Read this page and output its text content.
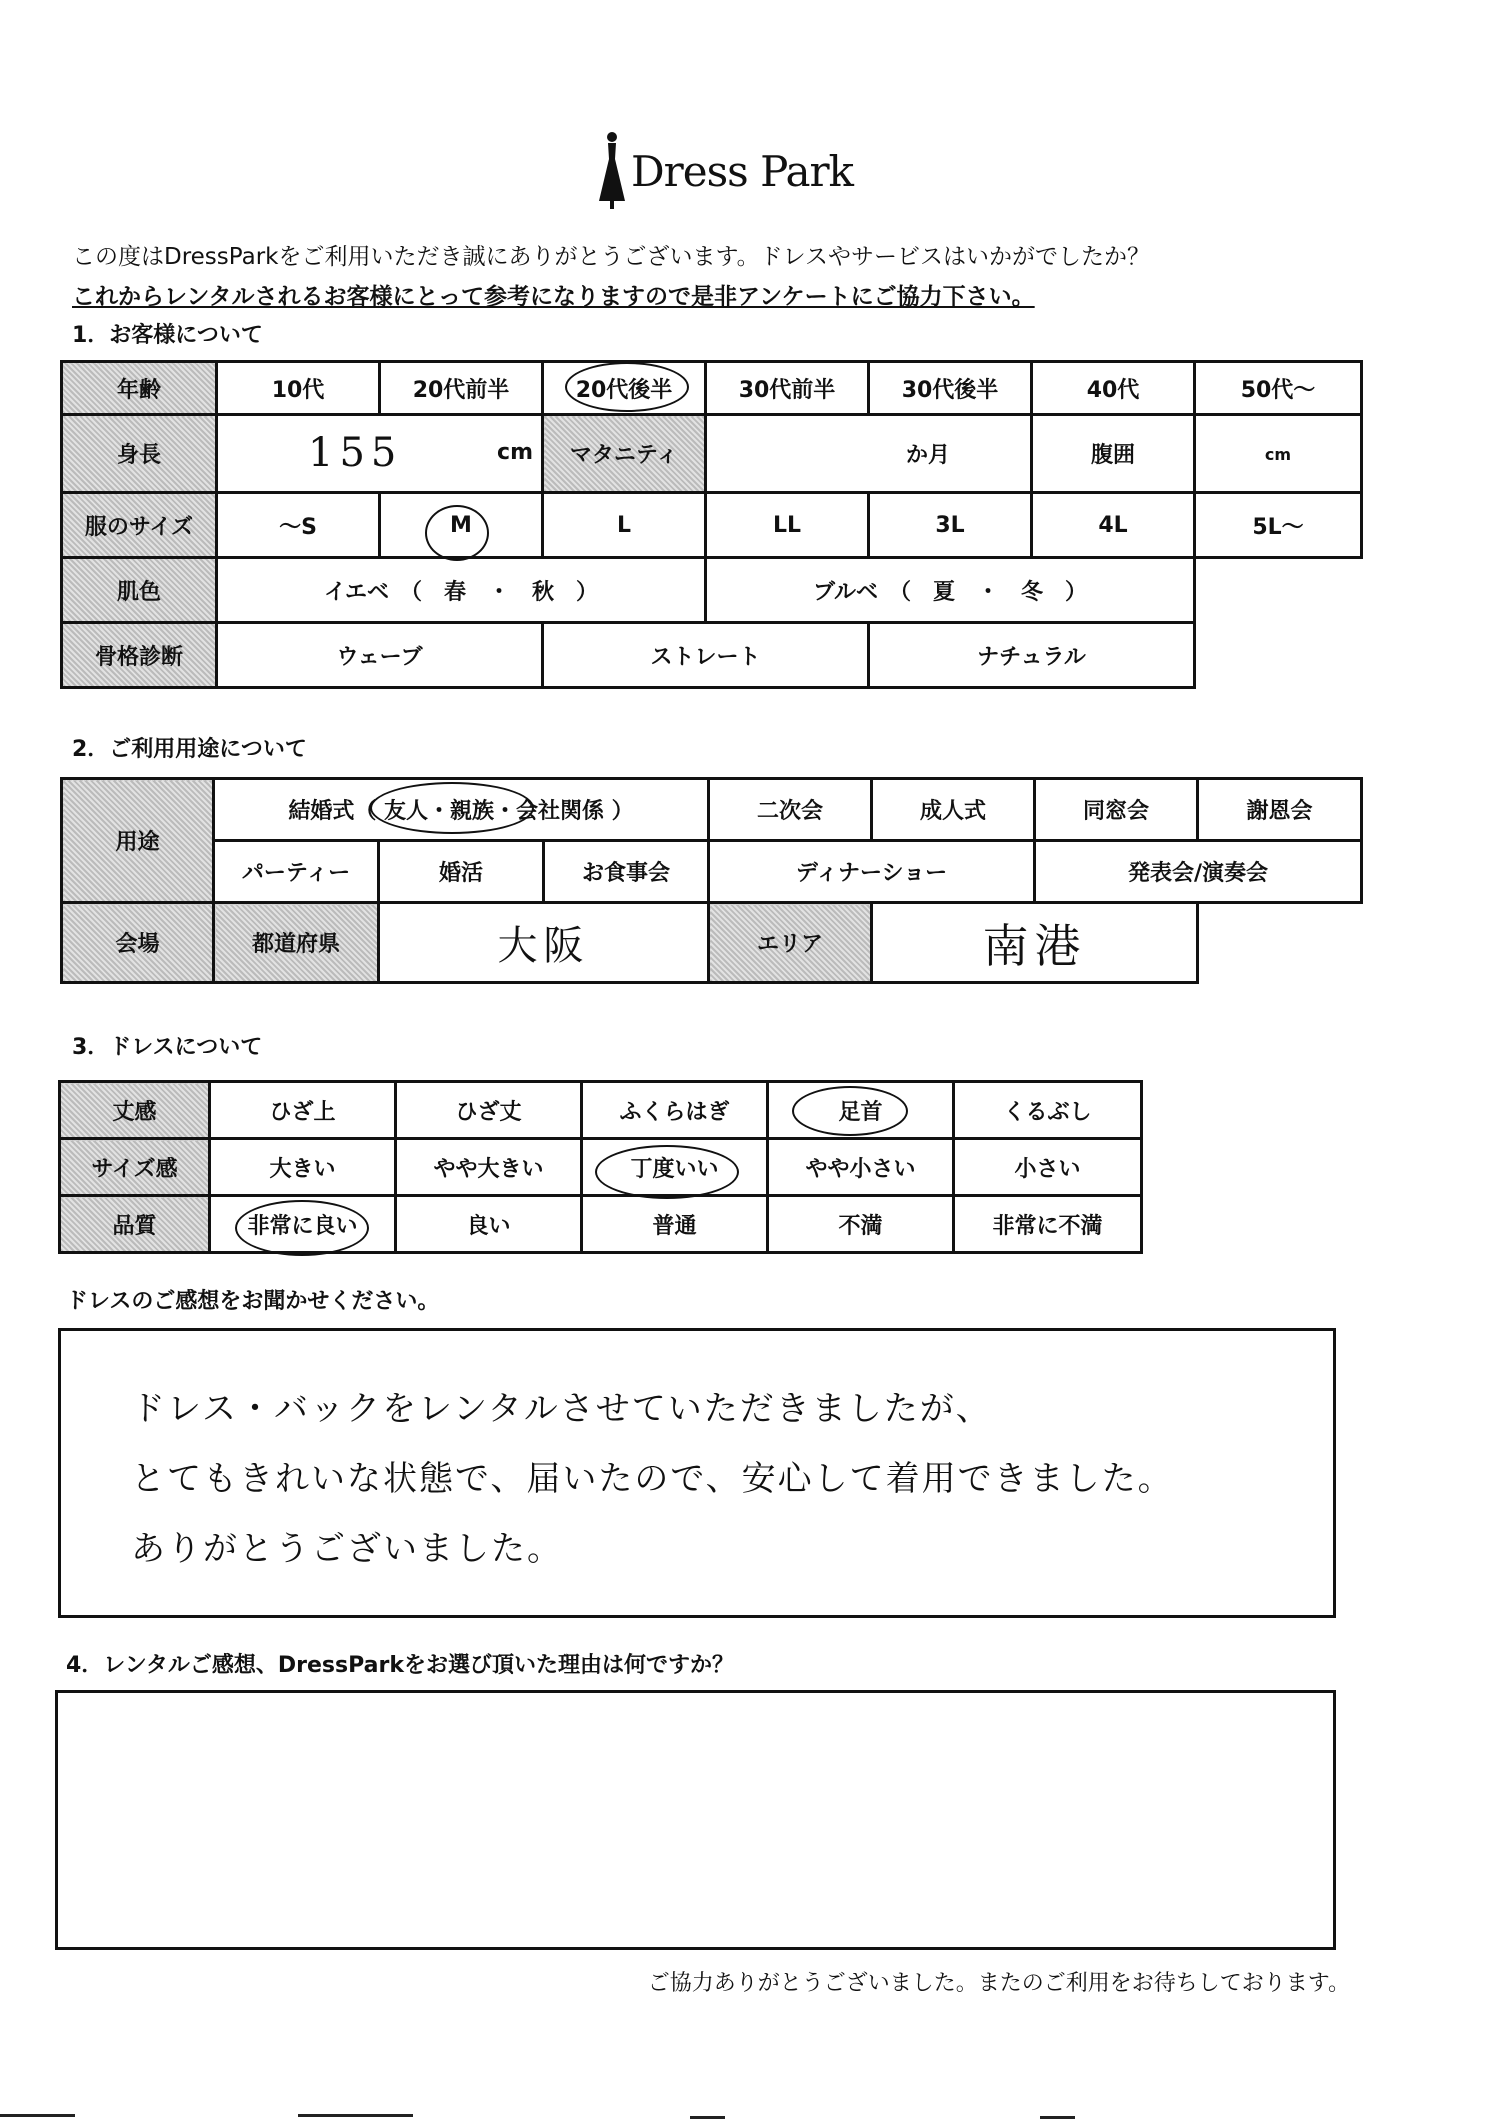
Dress Park
この度はDressParkをご利用いただき誠にありがとうございます。ドレスやサービスはいかがでしたか？
これからレンタルされるお客様にとって参考になりますので是非アンケートにご協力下さい。
1．お客様について
年齢	10代	20代前半	20代後半	30代前半	30代後半	40代	50代～
身長	155 cm		マタニティ	か月		腹囲	cm
服のサイズ	～S	M	L	LL	3L	4L	5L～
肌色	イエベ　（　春　・　秋　）			ブルベ　（　夏　・　冬　）			
骨格診断	ウェーブ		ストレート		ナチュラル		
2．ご利用用途について
用途	結婚式（ 友人・親族・会社関係 ）			二次会	成人式	同窓会	謝恩会
	パーティー	婚活	お食事会	ディナーショー		発表会/演奏会	
会場	都道府県	大阪		エリア	南港		
3．ドレスについて
丈感	ひざ上	ひざ丈	ふくらはぎ	足首	くるぶし
サイズ感	大きい	やや大きい	丁度いい	やや小さい	小さい
品質	非常に良い	良い	普通	不満	非常に不満
ドレスのご感想をお聞かせください。
ドレス・バックをレンタルさせていただきましたが、
とてもきれいな状態で、届いたので、安心して着用できました。
ありがとうございました。
4．レンタルご感想、DressParkをお選び頂いた理由は何ですか？
ご協力ありがとうございました。またのご利用をお待ちしております。
